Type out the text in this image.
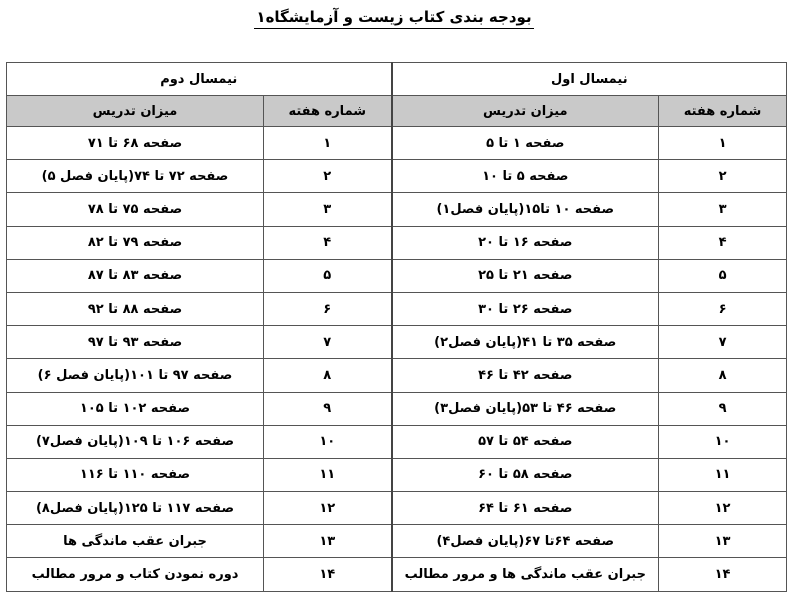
بودجه بندی کتاب زیست و آزمایشگاه۱
نیمسال اول		نیمسال دوم	
شماره هفته	میزان تدریس	شماره هفته	میزان تدریس
۱	صفحه ۱ تا ۵	۱	صفحه ۶۸ تا ۷۱
۲	صفحه ۵ تا ۱۰	۲	صفحه ۷۲ تا ۷۴(پایان فصل ۵)
۳	صفحه ۱۰ تا۱۵(پایان فصل۱)	۳	صفحه ۷۵ تا ۷۸
۴	صفحه ۱۶ تا ۲۰	۴	صفحه ۷۹ تا ۸۲
۵	صفحه ۲۱ تا ۲۵	۵	صفحه ۸۳ تا ۸۷
۶	صفحه ۲۶ تا ۳۰	۶	صفحه ۸۸ تا ۹۲
۷	صفحه ۳۵ تا ۴۱(پایان فصل۲)	۷	صفحه ۹۳ تا ۹۷
۸	صفحه ۴۲ تا ۴۶	۸	صفحه ۹۷ تا ۱۰۱(پایان فصل ۶)
۹	صفحه ۴۶ تا ۵۳(پایان فصل۳)	۹	صفحه ۱۰۲ تا ۱۰۵
۱۰	صفحه ۵۴ تا ۵۷	۱۰	صفحه ۱۰۶ تا ۱۰۹(پایان فصل۷)
۱۱	صفحه ۵۸ تا ۶۰	۱۱	صفحه ۱۱۰ تا ۱۱۶
۱۲	صفحه ۶۱ تا ۶۴	۱۲	صفحه ۱۱۷ تا ۱۲۵(پایان فصل۸)
۱۳	صفحه ۶۴تا ۶۷(پایان فصل۴)	۱۳	جبران عقب ماندگی ها
۱۴	جبران عقب ماندگی ها و مرور مطالب	۱۴	دوره نمودن کتاب و مرور مطالب
